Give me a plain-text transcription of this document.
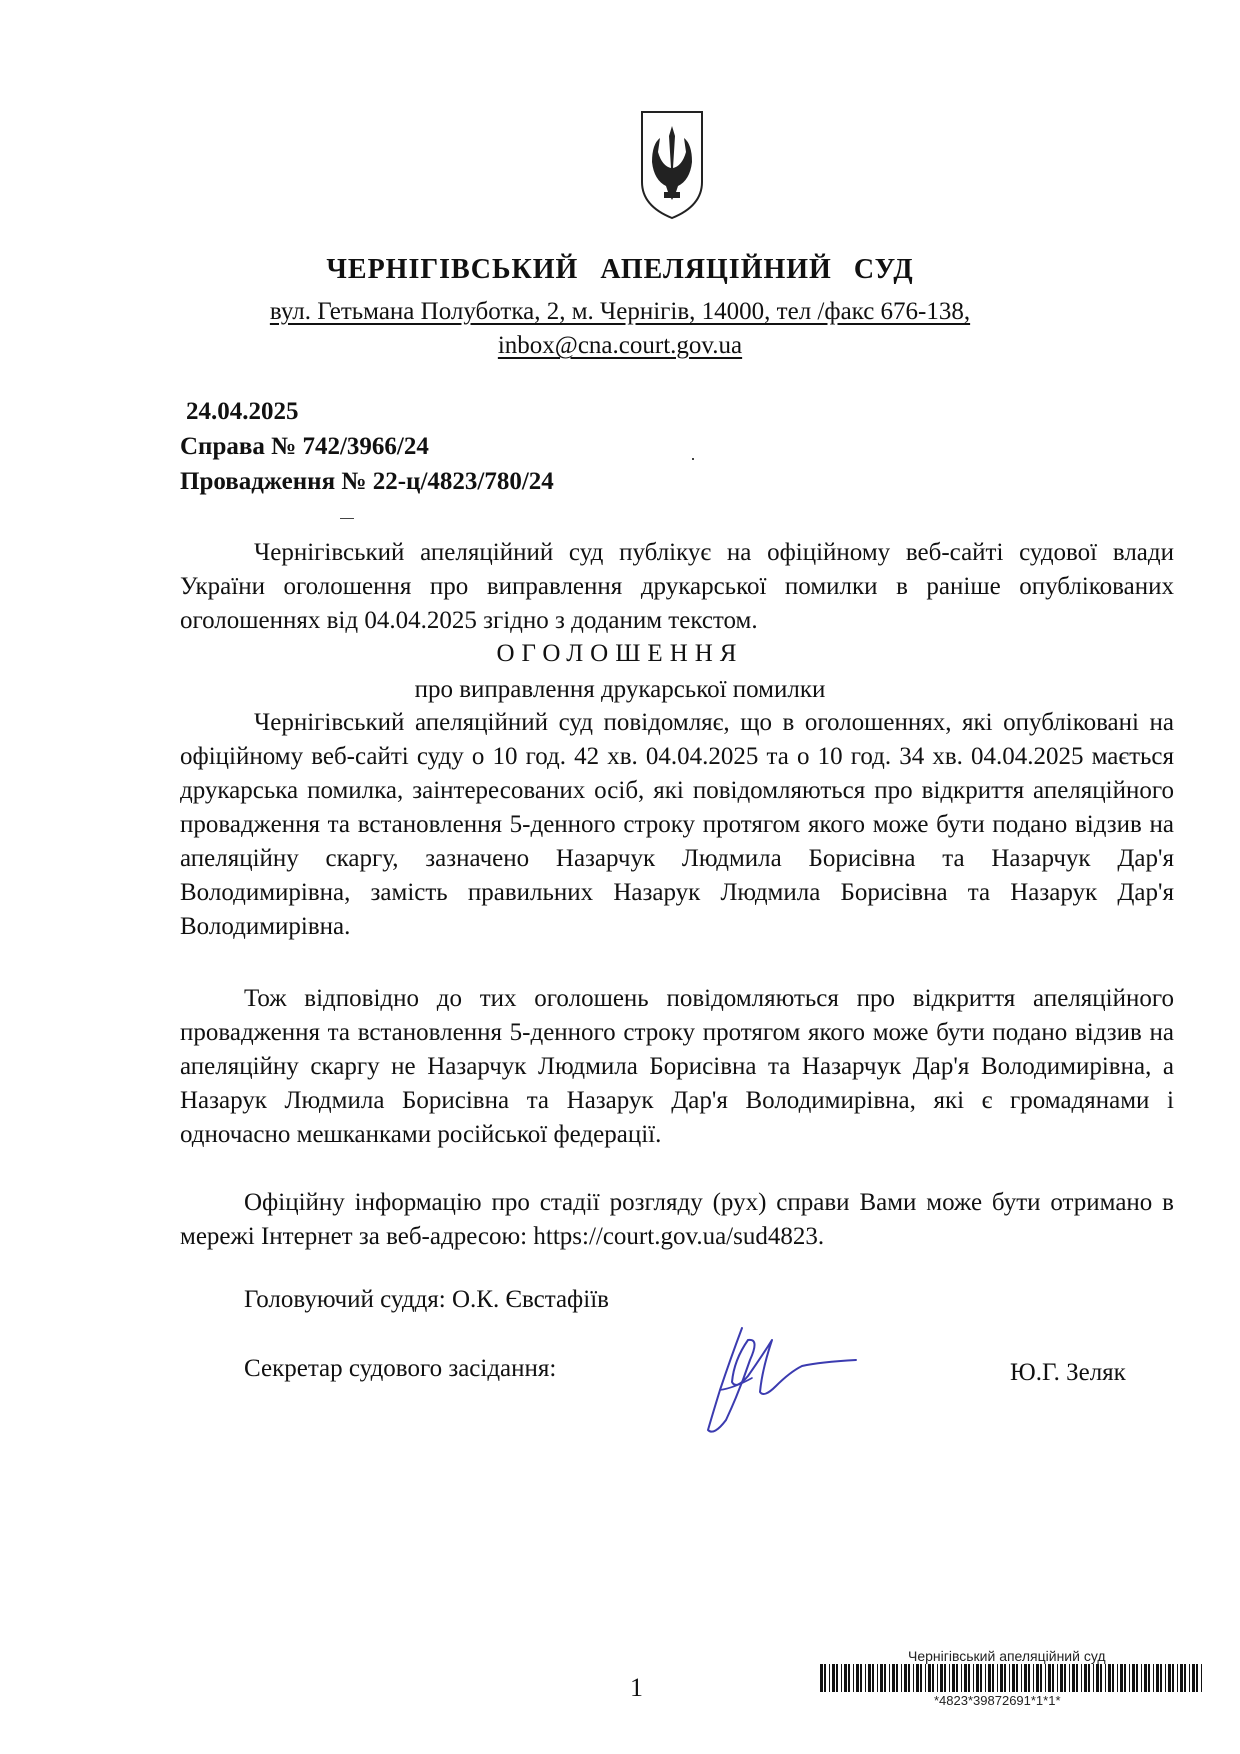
ЧЕРНІГІВСЬКИЙ АПЕЛЯЦІЙНИЙ СУД
вул. Гетьмана Полуботка, 2, м. Чернігів, 14000, тел /факс 676-138,
inbox@cna.court.gov.ua
24.04.2025
Справа № 742/3966/24
Провадження № 22-ц/4823/780/24
Чернігівський апеляційний суд публікує на офіційному веб-сайті судової влади України оголошення про виправлення друкарської помилки в раніше опублікованих оголошеннях від 04.04.2025 згідно з доданим текстом.
ОГОЛОШЕННЯ
про виправлення друкарської помилки
Чернігівський апеляційний суд повідомляє, що в оголошеннях, які опубліковані на офіційному веб-сайті суду о 10 год. 42 хв. 04.04.2025 та о 10 год. 34 хв. 04.04.2025 мається друкарська помилка, заінтересованих осіб, які повідомляються про відкриття апеляційного провадження та встановлення 5-денного строку протягом якого може бути подано відзив на апеляційну скаргу, зазначено Назарчук Людмила Борисівна та Назарчук Дар'я Володимирівна, замість правильних Назарук Людмила Борисівна та Назарук Дар'я Володимирівна.
Тож відповідно до тих оголошень повідомляються про відкриття апеляційного провадження та встановлення 5-денного строку протягом якого може бути подано відзив на апеляційну скаргу не Назарчук Людмила Борисівна та Назарчук Дар'я Володимирівна, а Назарук Людмила Борисівна та Назарук Дар'я Володимирівна, які є громадянами і одночасно мешканками російської федерації.
Офіційну інформацію про стадії розгляду (рух) справи Вами може бути отримано в мережі Інтернет за веб-адресою: https://court.gov.ua/sud4823.
Головуючий суддя: О.К. Євстафіїв
Секретар судового засідання:	Ю.Г. Зеляк
1
Чернігівський апеляційний суд
*4823*39872691*1*1*
